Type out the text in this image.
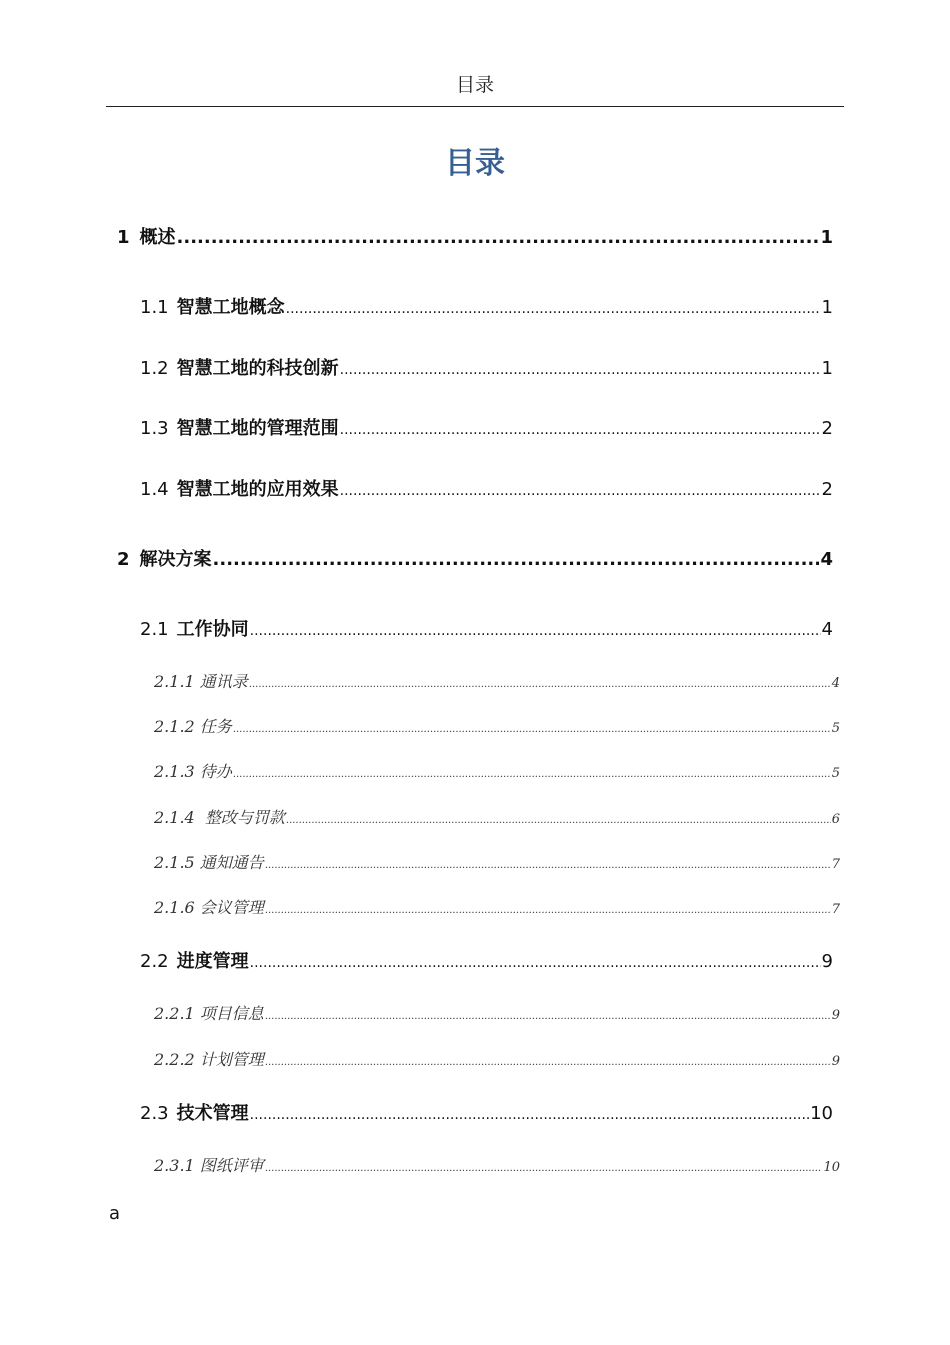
目录
目录
1 概述 .....	1
1.1 智慧工地概念 .....	1
1.2 智慧工地的科技创新 .....	1
1.3 智慧工地的管理范围 .....	2
1.4 智慧工地的应用效果 .....	2
2 解决方案 .....	4
2.1 工作协同 .....	4
2.1.1 通讯录 .....	4
2.1.2 任务 .....	5
2.1.3 待办 .....	5
2.1.4  整改与罚款 .....	6
2.1.5 通知通告 .....	7
2.1.6 会议管理 .....	7
2.2 进度管理 .....	9
2.2.1 项目信息 .....	9
2.2.2 计划管理 .....	9
2.3 技术管理 .....	10
2.3.1 图纸评审 .....	10
a
